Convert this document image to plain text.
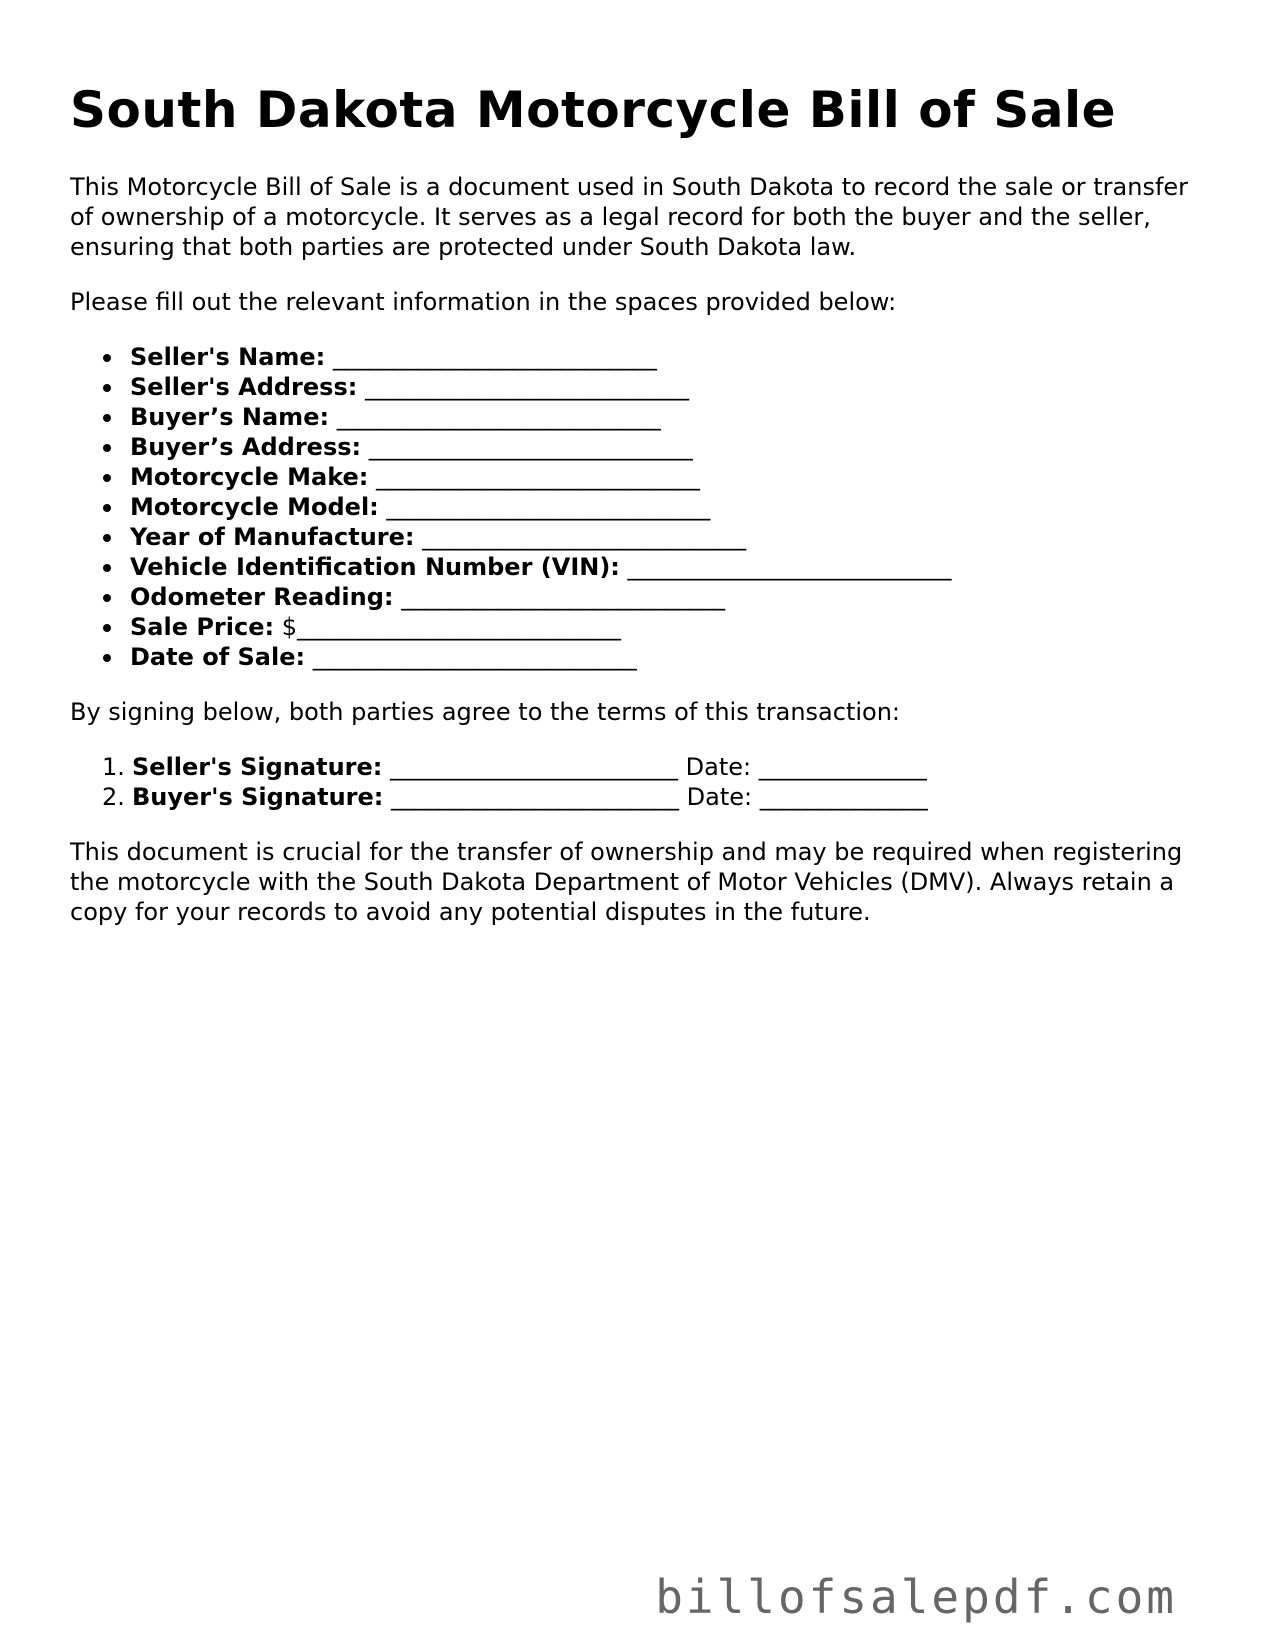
South Dakota Motorcycle Bill of Sale

This Motorcycle Bill of Sale is a document used in South Dakota to record the sale or transfer of ownership of a motorcycle. It serves as a legal record for both the buyer and the seller, ensuring that both parties are protected under South Dakota law.

Please fill out the relevant information in the spaces provided below:

Seller's Name: ___________________________
Seller's Address: ___________________________
Buyer’s Name: ___________________________
Buyer’s Address: ___________________________
Motorcycle Make: ___________________________
Motorcycle Model: ___________________________
Year of Manufacture: ___________________________
Vehicle Identification Number (VIN): ___________________________
Odometer Reading: ___________________________
Sale Price: $___________________________
Date of Sale: ___________________________

By signing below, both parties agree to the terms of this transaction:

1. Seller's Signature: ________________________ Date: ______________
2. Buyer's Signature: ________________________ Date: ______________

This document is crucial for the transfer of ownership and may be required when registering the motorcycle with the South Dakota Department of Motor Vehicles (DMV). Always retain a copy for your records to avoid any potential disputes in the future.

billofsalepdf.com
